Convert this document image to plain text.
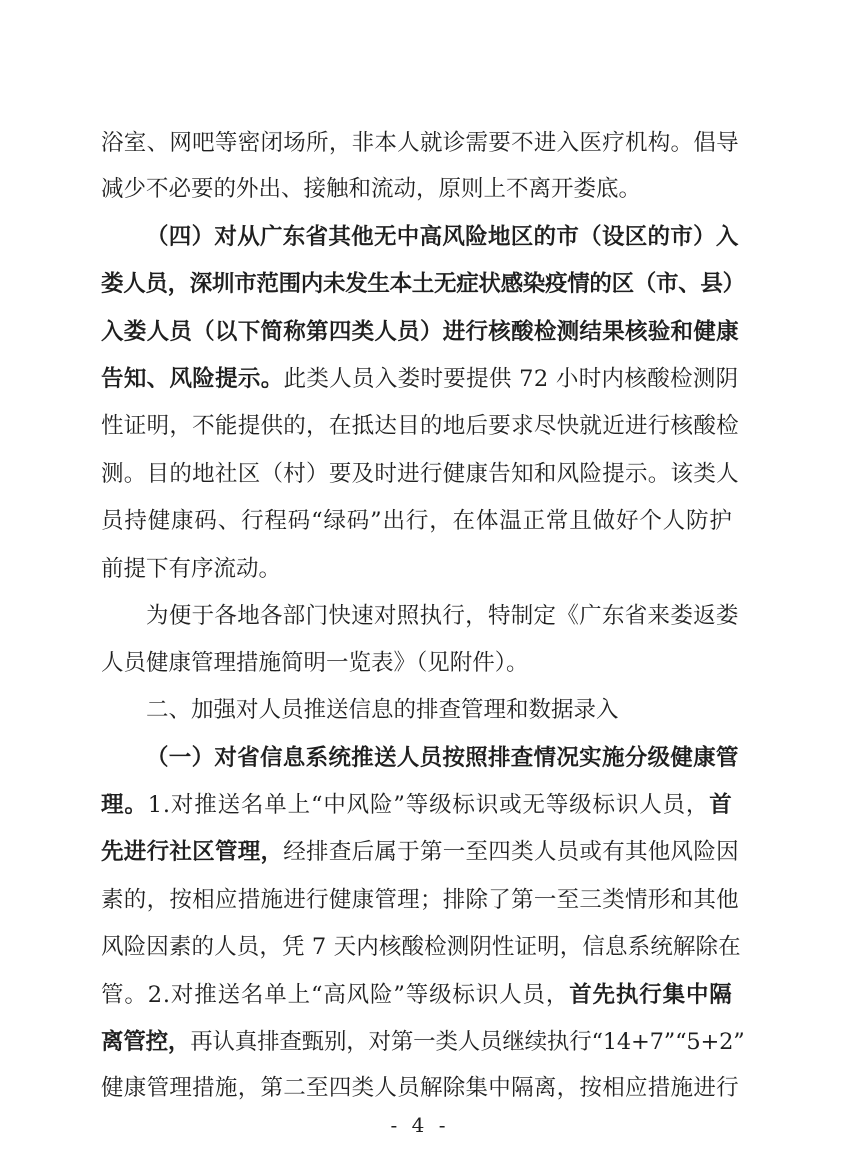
浴室、网吧等密闭场所，非本人就诊需要不进入医疗机构。倡导
减少不必要的外出、接触和流动，原则上不离开娄底。
（四）对从广东省其他无中高风险地区的市（设区的市）入
娄人员，深圳市范围内未发生本土无症状感染疫情的区（市、县）
入娄人员（以下简称第四类人员）进行核酸检测结果核验和健康
告知、风险提示。此类人员入娄时要提供 72 小时内核酸检测阴
性证明，不能提供的，在抵达目的地后要求尽快就近进行核酸检
测。目的地社区（村）要及时进行健康告知和风险提示。该类人
员持健康码、行程码“绿码”出行，在体温正常且做好个人防护
前提下有序流动。
为便于各地各部门快速对照执行，特制定《广东省来娄返娄
人员健康管理措施简明一览表》（见附件）。
二、加强对人员推送信息的排查管理和数据录入
（一）对省信息系统推送人员按照排查情况实施分级健康管
理。1.对推送名单上“中风险”等级标识或无等级标识人员，首
先进行社区管理，经排查后属于第一至四类人员或有其他风险因
素的，按相应措施进行健康管理；排除了第一至三类情形和其他
风险因素的人员，凭 7 天内核酸检测阴性证明，信息系统解除在
管。2.对推送名单上“高风险”等级标识人员，首先执行集中隔
离管控，再认真排查甄别，对第一类人员继续执行“14+7”“5+2”
健康管理措施，第二至四类人员解除集中隔离，按相应措施进行
- 4 -
